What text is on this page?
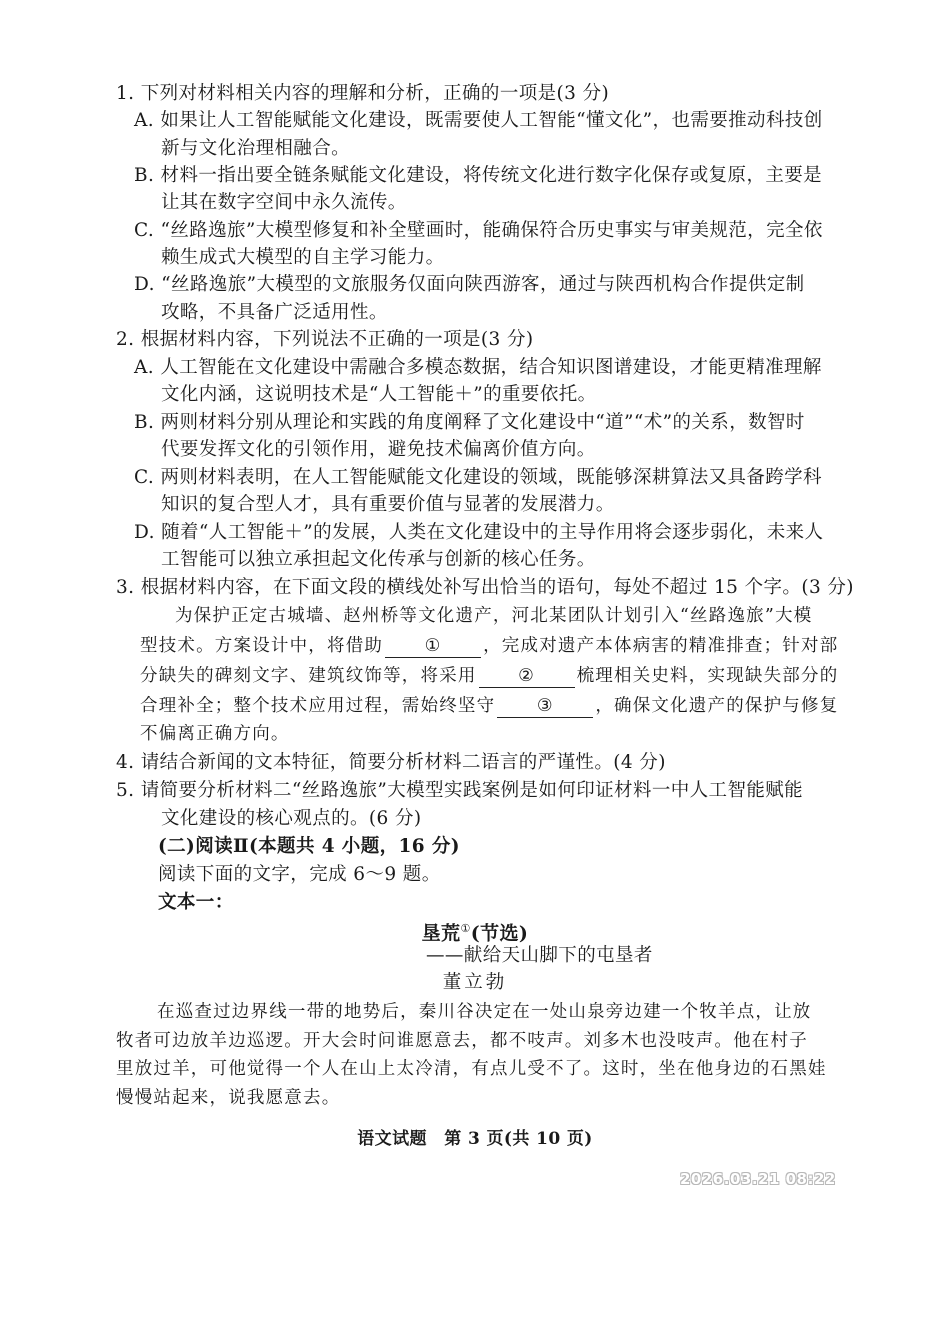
1. 下列对材料相关内容的理解和分析，正确的一项是(3 分)
A. 如果让人工智能赋能文化建设，既需要使人工智能“懂文化”，也需要推动科技创
新与文化治理相融合。
B. 材料一指出要全链条赋能文化建设，将传统文化进行数字化保存或复原，主要是
让其在数字空间中永久流传。
C. “丝路逸旅”大模型修复和补全壁画时，能确保符合历史事实与审美规范，完全依
赖生成式大模型的自主学习能力。
D. “丝路逸旅”大模型的文旅服务仅面向陕西游客，通过与陕西机构合作提供定制
攻略，不具备广泛适用性。
2. 根据材料内容，下列说法不正确的一项是(3 分)
A. 人工智能在文化建设中需融合多模态数据，结合知识图谱建设，才能更精准理解
文化内涵，这说明技术是“人工智能＋”的重要依托。
B. 两则材料分别从理论和实践的角度阐释了文化建设中“道”“术”的关系，数智时
代要发挥文化的引领作用，避免技术偏离价值方向。
C. 两则材料表明，在人工智能赋能文化建设的领域，既能够深耕算法又具备跨学科
知识的复合型人才，具有重要价值与显著的发展潜力。
D. 随着“人工智能＋”的发展，人类在文化建设中的主导作用将会逐步弱化，未来人
工智能可以独立承担起文化传承与创新的核心任务。
3. 根据材料内容，在下面文段的横线处补写出恰当的语句，每处不超过 15 个字。(3 分)
为保护正定古城墙、赵州桥等文化遗产，河北某团队计划引入“丝路逸旅”大模
型技术。方案设计中，将借助 ① ，完成对遗产本体病害的精准排查；针对部
分缺失的碑刻文字、建筑纹饰等，将采用 ② 梳理相关史料，实现缺失部分的
合理补全；整个技术应用过程，需始终坚守 ③ ，确保文化遗产的保护与修复
不偏离正确方向。
4. 请结合新闻的文本特征，简要分析材料二语言的严谨性。(4 分)
5. 请简要分析材料二“丝路逸旅”大模型实践案例是如何印证材料一中人工智能赋能
文化建设的核心观点的。(6 分)
(二)阅读Ⅱ(本题共 4 小题，16 分)
阅读下面的文字，完成 6～9 题。
文本一：
垦荒①(节选)
——献给天山脚下的屯垦者
董立勃
在巡查过边界线一带的地势后，秦川谷决定在一处山泉旁边建一个牧羊点，让放
牧者可边放羊边巡逻。开大会时问谁愿意去，都不吱声。刘多木也没吱声。他在村子
里放过羊，可他觉得一个人在山上太冷清，有点儿受不了。这时，坐在他身边的石黑娃
慢慢站起来，说我愿意去。
语文试题　第 3 页(共 10 页)
2026.03.21 08:22
